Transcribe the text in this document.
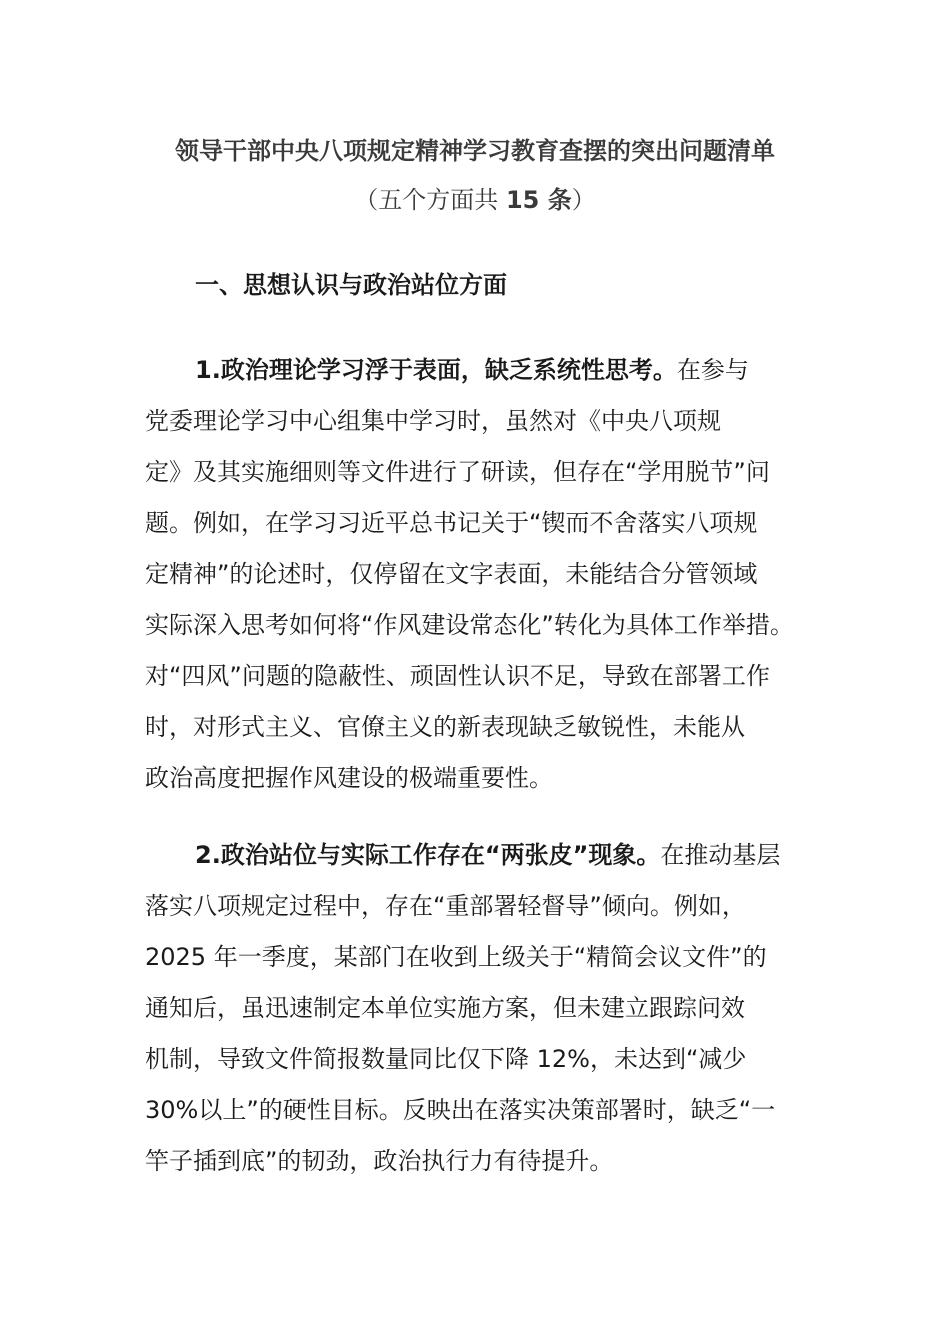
领导干部中央八项规定精神学习教育查摆的突出问题清单

（五个方面共 15 条）

一、思想认识与政治站位方面
1.政治理论学习浮于表面，缺乏系统性思考。在参与
党委理论学习中心组集中学习时，虽然对《中央八项规
定》及其实施细则等文件进行了研读，但存在“学用脱节”问
题。例如，在学习习近平总书记关于“锲而不舍落实八项规
定精神”的论述时，仅停留在文字表面，未能结合分管领域
实际深入思考如何将“作风建设常态化”转化为具体工作举措。
对“四风”问题的隐蔽性、顽固性认识不足，导致在部署工作
时，对形式主义、官僚主义的新表现缺乏敏锐性，未能从
政治高度把握作风建设的极端重要性。
2.政治站位与实际工作存在“两张皮”现象。在推动基层
落实八项规定过程中，存在“重部署轻督导”倾向。例如，
2025 年一季度，某部门在收到上级关于“精简会议文件”的
通知后，虽迅速制定本单位实施方案，但未建立跟踪问效
机制，导致文件简报数量同比仅下降 12%，未达到“减少
30%以上”的硬性目标。反映出在落实决策部署时，缺乏“一
竿子插到底”的韧劲，政治执行力有待提升。
